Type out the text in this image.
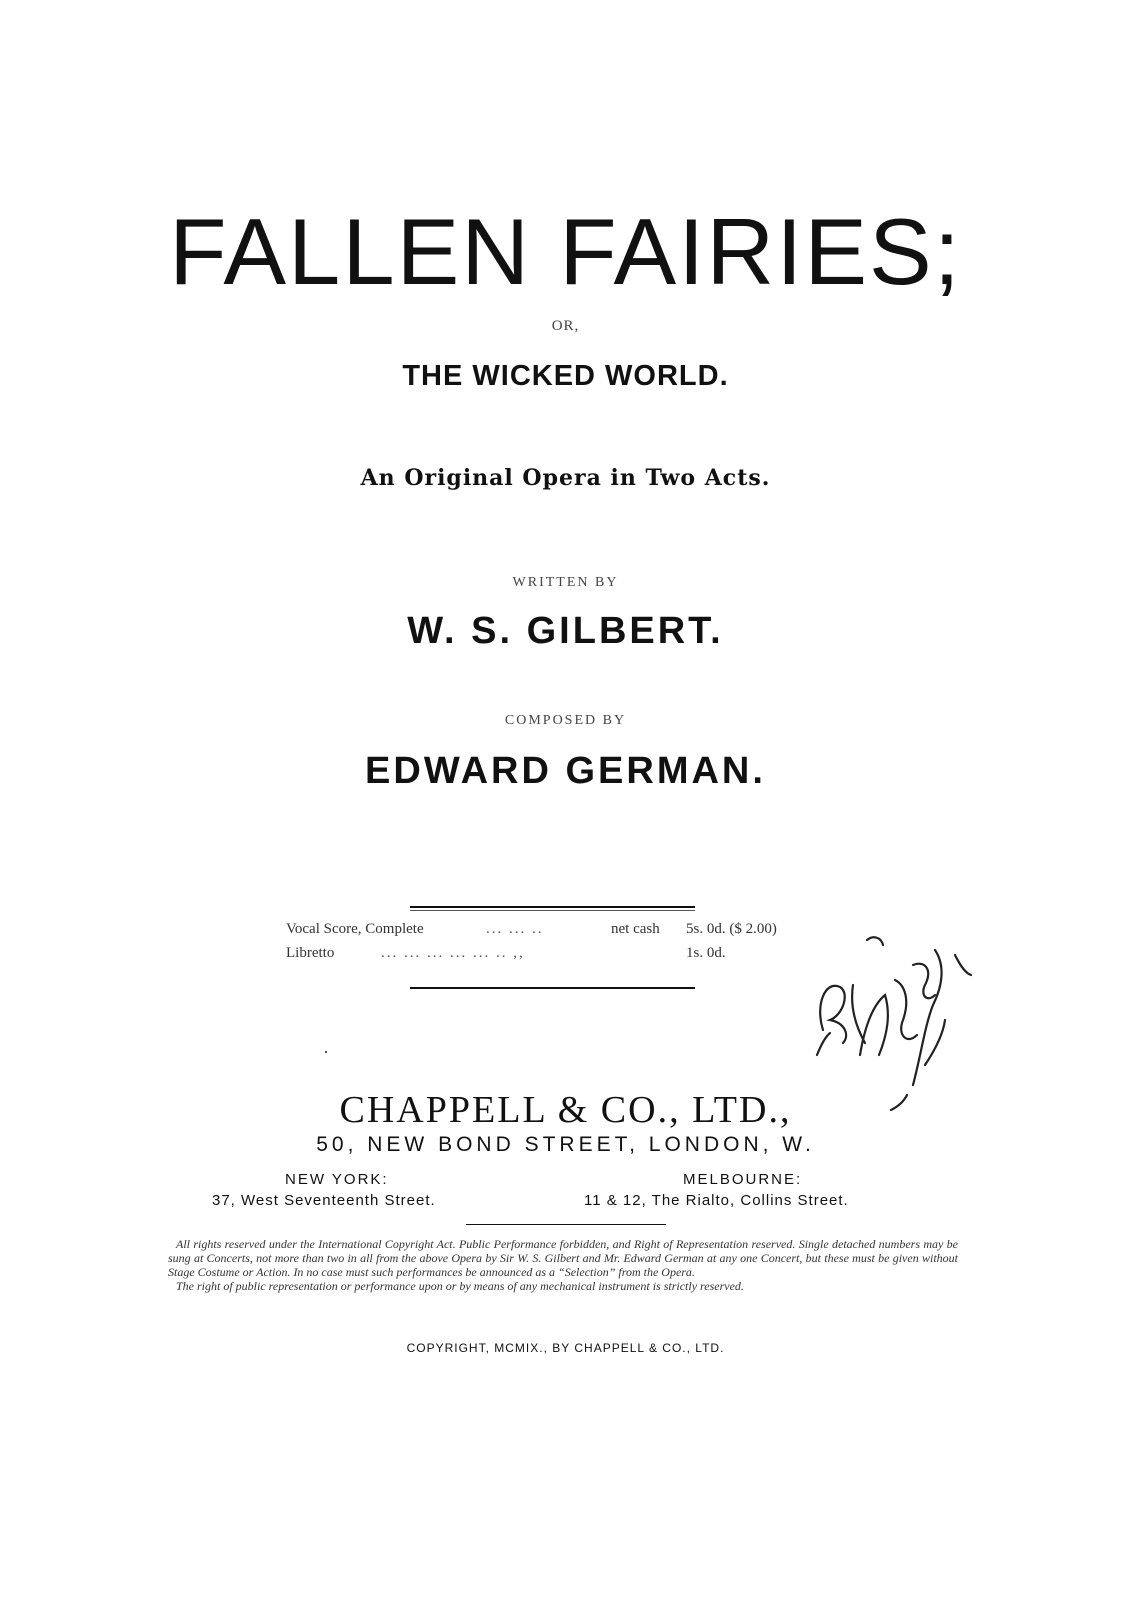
FALLEN FAIRIES;
OR,
THE WICKED WORLD.
An Original Opera in Two Acts.
WRITTEN BY
W. S. GILBERT.
COMPOSED BY
EDWARD GERMAN.
Vocal Score, Complete	... ... ..	net cash	5s. 0d. ($ 2.00)
Libretto	... ... ... ... ... .. ,,	1s. 0d.
CHAPPELL & CO., LTD.,
50, NEW BOND STREET, LONDON, W.
NEW YORK:
37, West Seventeenth Street.
MELBOURNE:
11 & 12, The Rialto, Collins Street.

All rights reserved under the International Copyright Act. Public Performance forbidden, and Right of Representation reserved. Single detached numbers may be sung at Concerts, not more than two in all from the above Opera by Sir W. S. Gilbert and Mr. Edward German at any one Concert, but these must be given without Stage Costume or Action. In no case must such performances be announced as a “Selection” from the Opera.

The right of public representation or performance upon or by means of any mechanical instrument is strictly reserved.

COPYRIGHT, MCMIX., BY CHAPPELL & CO., LTD.
